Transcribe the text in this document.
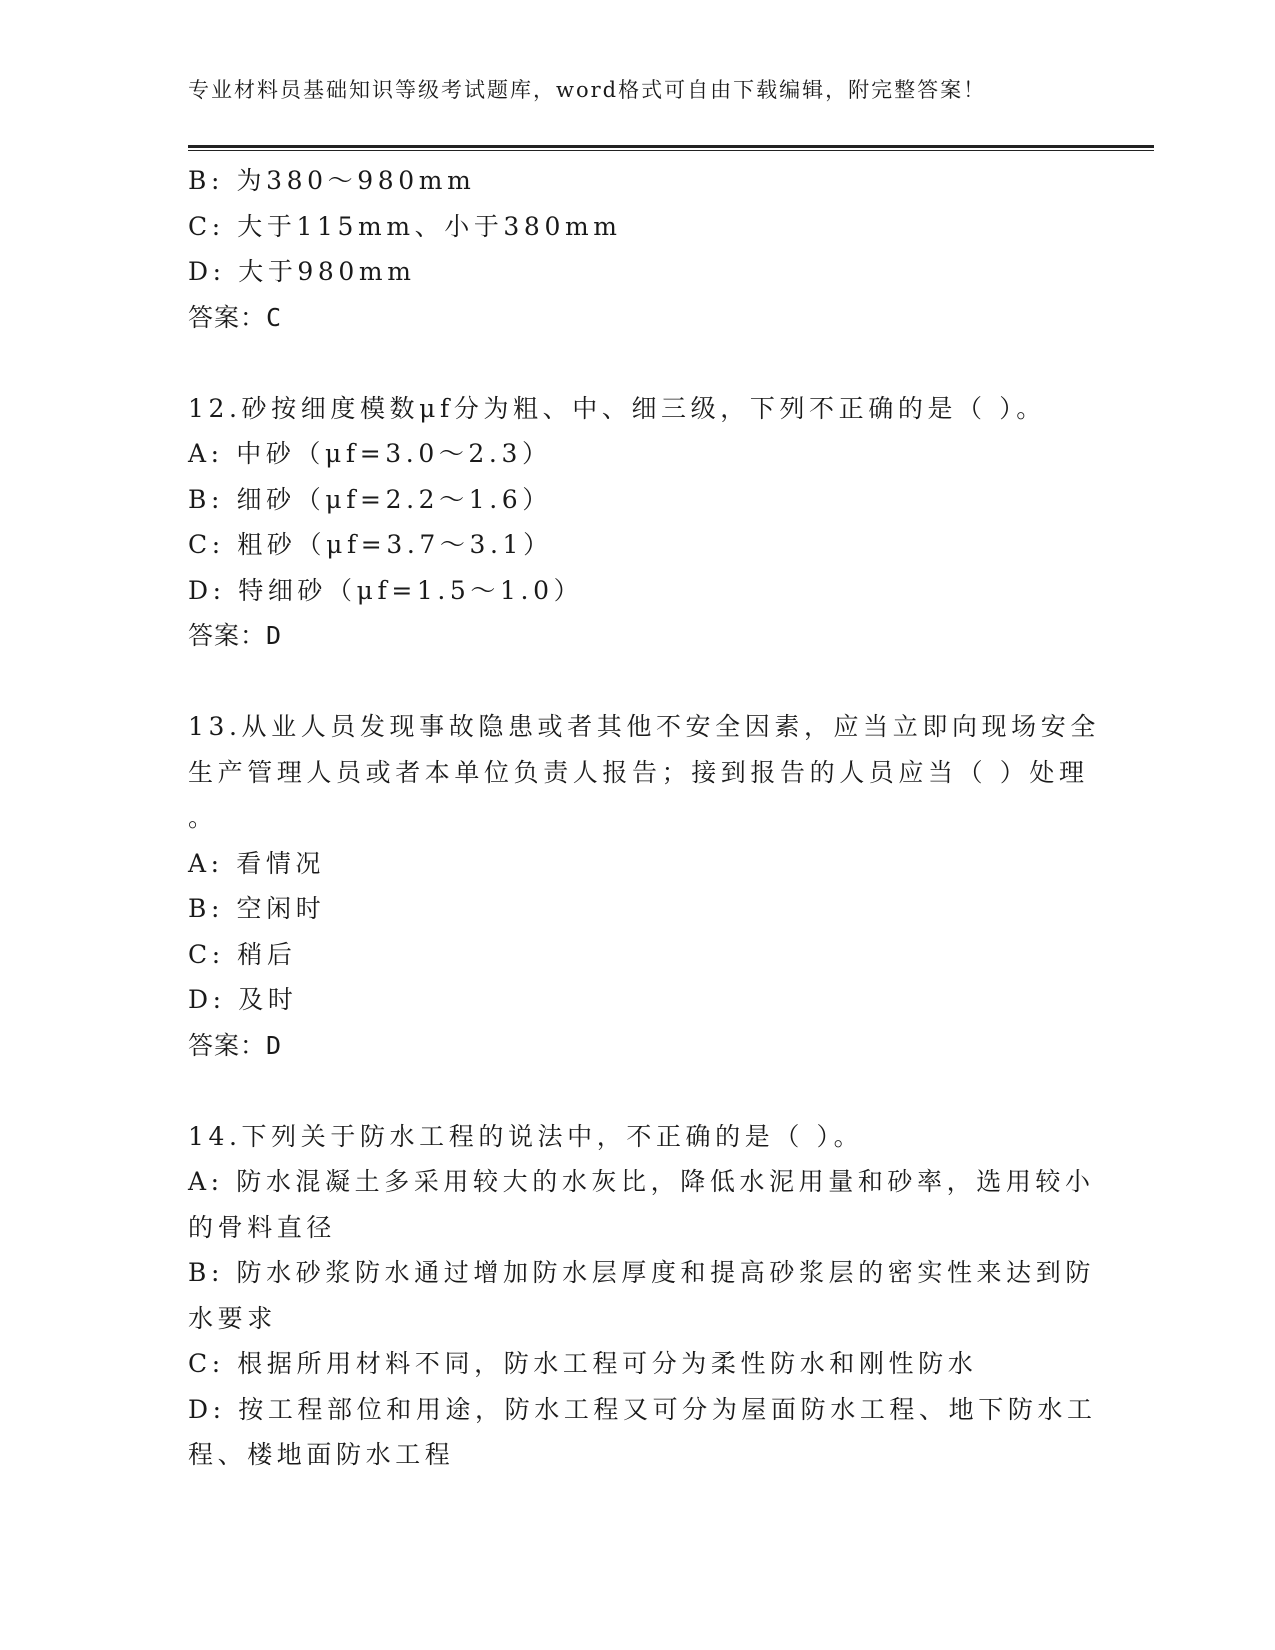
专业材料员基础知识等级考试题库，word格式可自由下载编辑，附完整答案！
B: 为380～980mm
C: 大于115mm、小于380mm
D: 大于980mm
答案：C
12.砂按细度模数μf分为粗、中、细三级，下列不正确的是（ ）。
A: 中砂（μf=3.0～2.3）
B: 细砂（μf=2.2～1.6）
C: 粗砂（μf=3.7～3.1）
D: 特细砂（μf=1.5～1.0）
答案：D
13.从业人员发现事故隐患或者其他不安全因素，应当立即向现场安全
生产管理人员或者本单位负责人报告；接到报告的人员应当（ ）处理
。
A: 看情况
B: 空闲时
C: 稍后
D: 及时
答案：D
14.下列关于防水工程的说法中，不正确的是（ ）。
A: 防水混凝土多采用较大的水灰比，降低水泥用量和砂率，选用较小
的骨料直径
B: 防水砂浆防水通过增加防水层厚度和提高砂浆层的密实性来达到防
水要求
C: 根据所用材料不同，防水工程可分为柔性防水和刚性防水
D: 按工程部位和用途，防水工程又可分为屋面防水工程、地下防水工
程、楼地面防水工程
